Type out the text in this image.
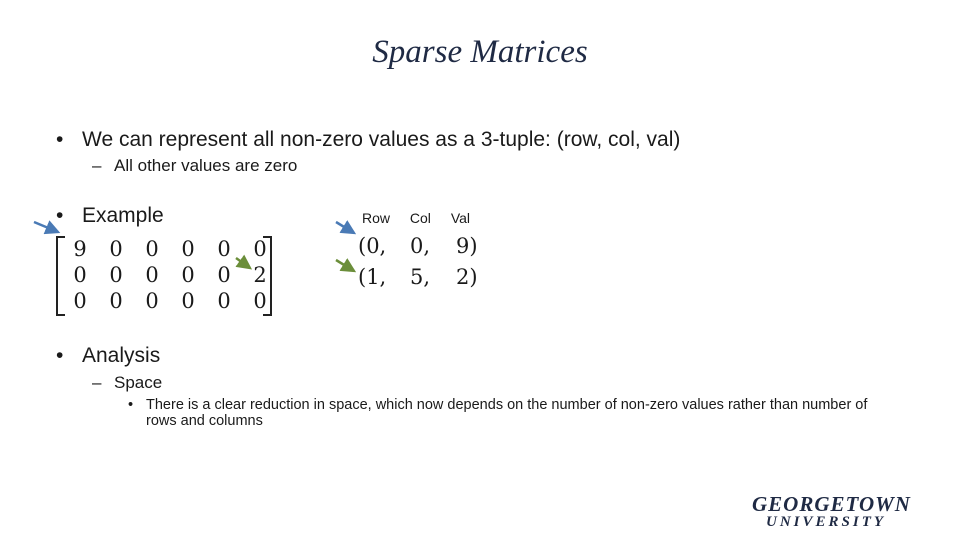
Sparse Matrices
• We can represent all non-zero values as a 3-tuple: (row, col, val)
– All other values are zero
• Example
9	0	0	0	0	0
0	0	0	0	0	2
0	0	0	0	0	0
Row Col Val
(0, 0, 9)
(1, 5, 2)
• Analysis
– Space
• There is a clear reduction in space, which now depends on the number of non-zero values rather than number of rows and columns
GEORGETOWN
UNIVERSITY
